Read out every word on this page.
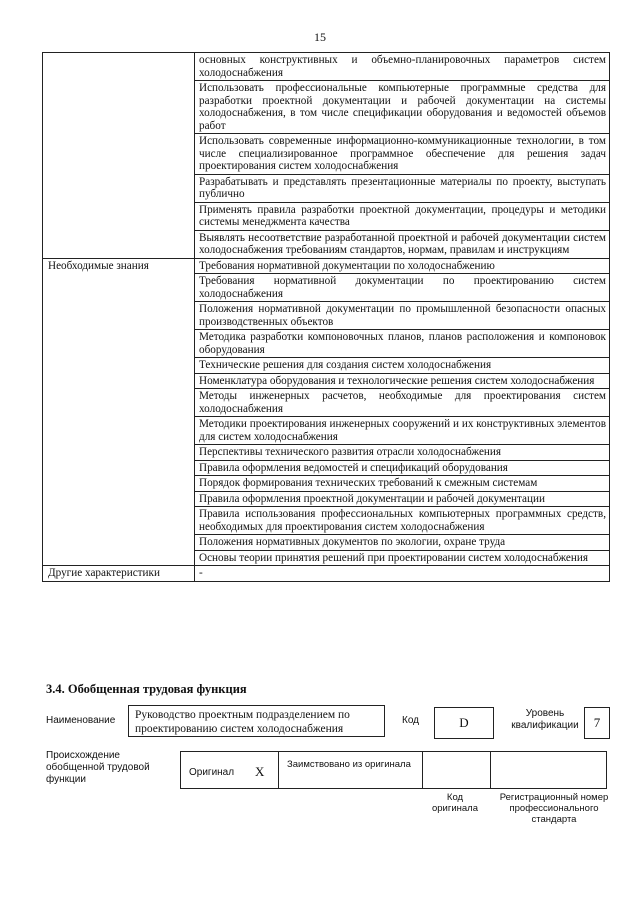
15
	основных конструктивных и объемно-планировочных параметров систем холодоснабжения
	Использовать профессиональные компьютерные программные средства для разработки проектной документации и рабочей документации на системы холодоснабжения, в том числе спецификации оборудования и ведомостей объемов работ
	Использовать современные информационно-коммуникационные технологии, в том числе специализированное программное обеспечение для решения задач проектирования систем холодоснабжения
	Разрабатывать и представлять презентационные материалы по проекту, выступать публично
	Применять правила разработки проектной документации, процедуры и методики системы менеджмента качества
	Выявлять несоответствие разработанной проектной и рабочей документации систем холодоснабжения требованиям стандартов, нормам, правилам и инструкциям
Необходимые знания	Требования нормативной документации по холодоснабжению
	Требования нормативной документации по проектированию систем холодоснабжения
	Положения нормативной документации по промышленной безопасности опасных производственных объектов
	Методика разработки компоновочных планов, планов расположения и компоновок оборудования
	Технические решения для создания систем холодоснабжения
	Номенклатура оборудования и технологические решения систем холодоснабжения
	Методы инженерных расчетов, необходимые для проектирования систем холодоснабжения
	Методики проектирования инженерных сооружений и их конструктивных элементов для систем холодоснабжения
	Перспективы технического развития отрасли холодоснабжения
	Правила оформления ведомостей и спецификаций оборудования
	Порядок формирования технических требований к смежным системам
	Правила оформления проектной документации и рабочей документации
	Правила использования профессиональных компьютерных программных средств, необходимых для проектирования систем холодоснабжения
	Положения нормативных документов по экологии, охране труда
	Основы теории принятия решений при проектировании систем холодоснабжения
Другие характеристики	-
3.4. Обобщенная трудовая функция
Наименование	Руководство проектным подразделением по проектированию систем холодоснабжения
Код	D
Уровень квалификации	7
Происхождение обобщенной трудовой функции
Оригинал X Заимствовано из оригинала
Код оригинала
Регистрационный номер профессионального стандарта
